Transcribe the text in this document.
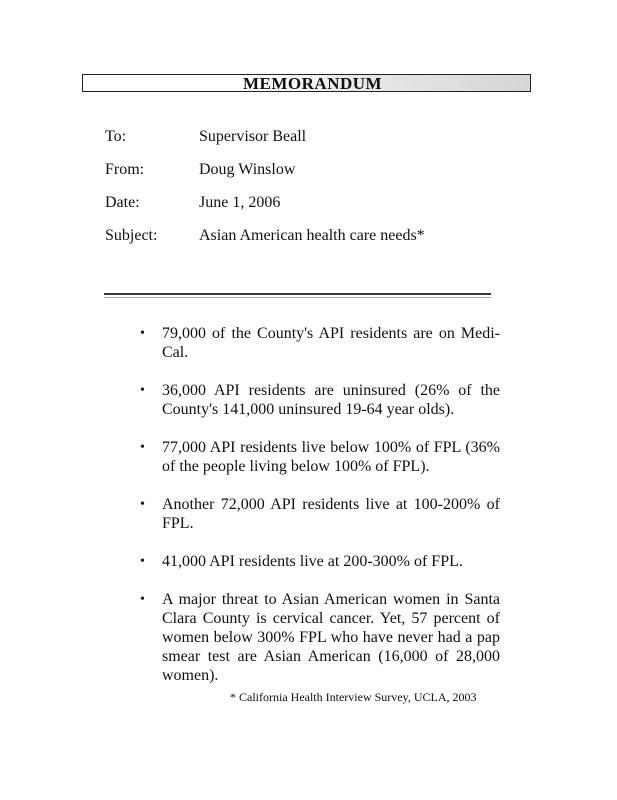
MEMORANDUM
To:	Supervisor Beall
From:	Doug Winslow
Date:	June 1, 2006
Subject:	Asian American health care needs*
• 79,000 of the County's API residents are on Medi-Cal.
• 36,000 API residents are uninsured (26% of the County's 141,000 uninsured 19-64 year olds).
• 77,000 API residents live below 100% of FPL (36% of the people living below 100% of FPL).
• Another 72,000 API residents live at 100-200% of FPL.
• 41,000 API residents live at 200-300% of FPL.
• A major threat to Asian American women in Santa Clara County is cervical cancer. Yet, 57 percent of women below 300% FPL who have never had a pap smear test are Asian American (16,000 of 28,000 women).
* California Health Interview Survey, UCLA, 2003
